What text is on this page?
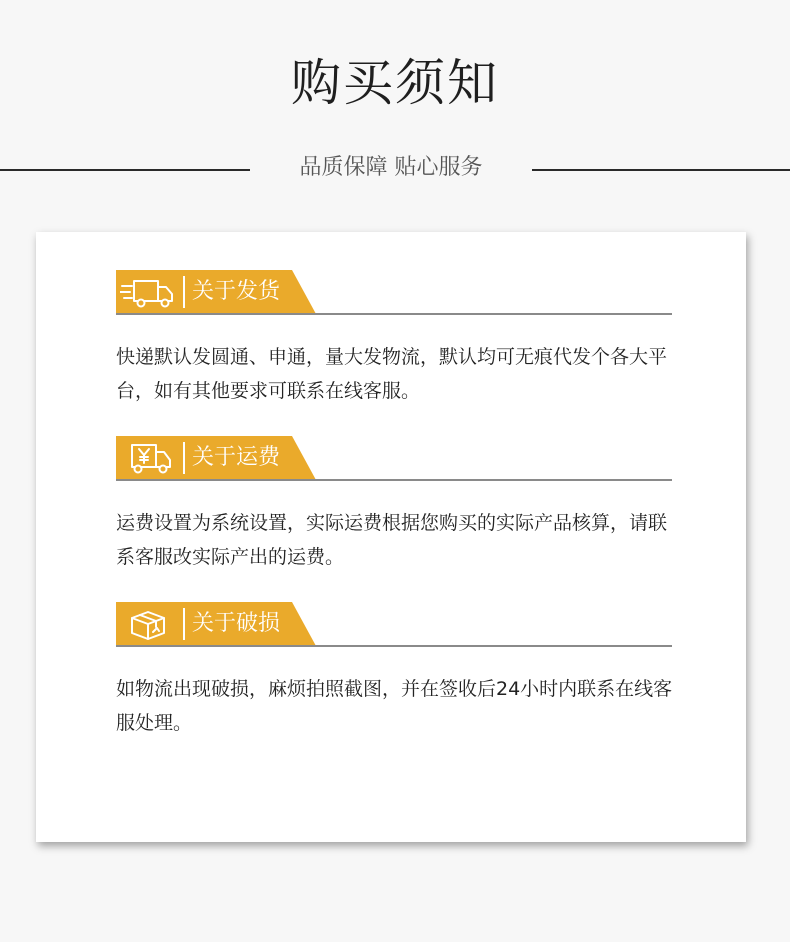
购买须知
品质保障 贴心服务
关于发货
快递默认发圆通、申通，量大发物流，默认均可无痕代发个各大平台，如有其他要求可联系在线客服。
关于运费
运费设置为系统设置，实际运费根据您购买的实际产品核算，请联系客服改实际产出的运费。
关于破损
如物流出现破损，麻烦拍照截图，并在签收后24小时内联系在线客服处理。
